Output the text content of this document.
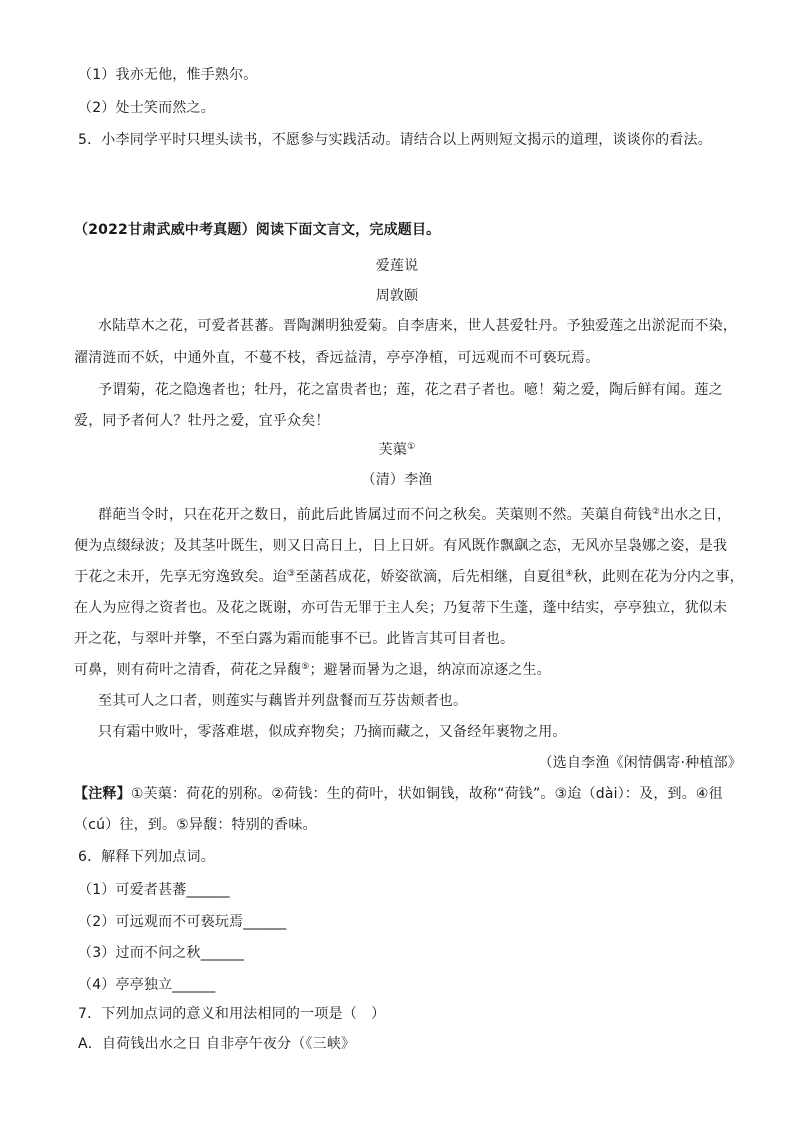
（1）我亦无他，惟手熟尔。
（2）处士笑而然之。
5．小李同学平时只埋头读书，不愿参与实践活动。请结合以上两则短文揭示的道理，谈谈你的看法。
（2022甘肃武威中考真题）阅读下面文言文，完成题目。
爱莲说
周敦颐
水陆草木之花，可爱者甚蕃。晋陶渊明独爱菊。自李唐来，世人甚爱牡丹。予独爱莲之出淤泥而不染，
濯清涟而不妖，中通外直，不蔓不枝，香远益清，亭亭净植，可远观而不可亵玩焉。
予谓菊，花之隐逸者也；牡丹，花之富贵者也；莲，花之君子者也。噫！菊之爱，陶后鲜有闻。莲之
爱，同予者何人？牡丹之爱，宜乎众矣！
芙蕖①
（清）李渔
群葩当令时，只在花开之数日，前此后此皆属过而不问之秋矣。芙蕖则不然。芙蕖自荷钱②出水之日，
便为点缀绿波；及其茎叶既生，则又日高日上，日上日妍。有风既作飘飖之态，无风亦呈袅娜之姿，是我
于花之未开，先享无穷逸致矣。迨③至菡萏成花，娇姿欲滴，后先相继，自夏徂④秋，此则在花为分内之事，
在人为应得之资者也。及花之既谢，亦可告无罪于主人矣；乃复蒂下生蓬，蓬中结实，亭亭独立，犹似未
开之花，与翠叶并擎，不至白露为霜而能事不已。此皆言其可目者也。
可鼻，则有荷叶之清香，荷花之异馥⑤；避暑而暑为之退，纳凉而凉逐之生。
至其可人之口者，则莲实与藕皆并列盘餐而互芬齿颊者也。
只有霜中败叶，零落难堪，似成弃物矣；乃摘而藏之，又备经年裹物之用。
（选自李渔《闲情偶寄·种植部》
【注释】①芙蕖：荷花的别称。②荷钱：生的荷叶，状如铜钱，故称“荷钱”。③迨（dài）：及，到。④徂
（cú）往，到。⑤异馥：特别的香味。
6．解释下列加点词。
（1）可爱者甚蕃______
（2）可远观而不可亵玩焉______
（3）过而不问之秋______
（4）亭亭独立______
7．下列加点词的意义和用法相同的一项是（　）
A．自荷钱出水之日 自非亭午夜分（《三峡》
